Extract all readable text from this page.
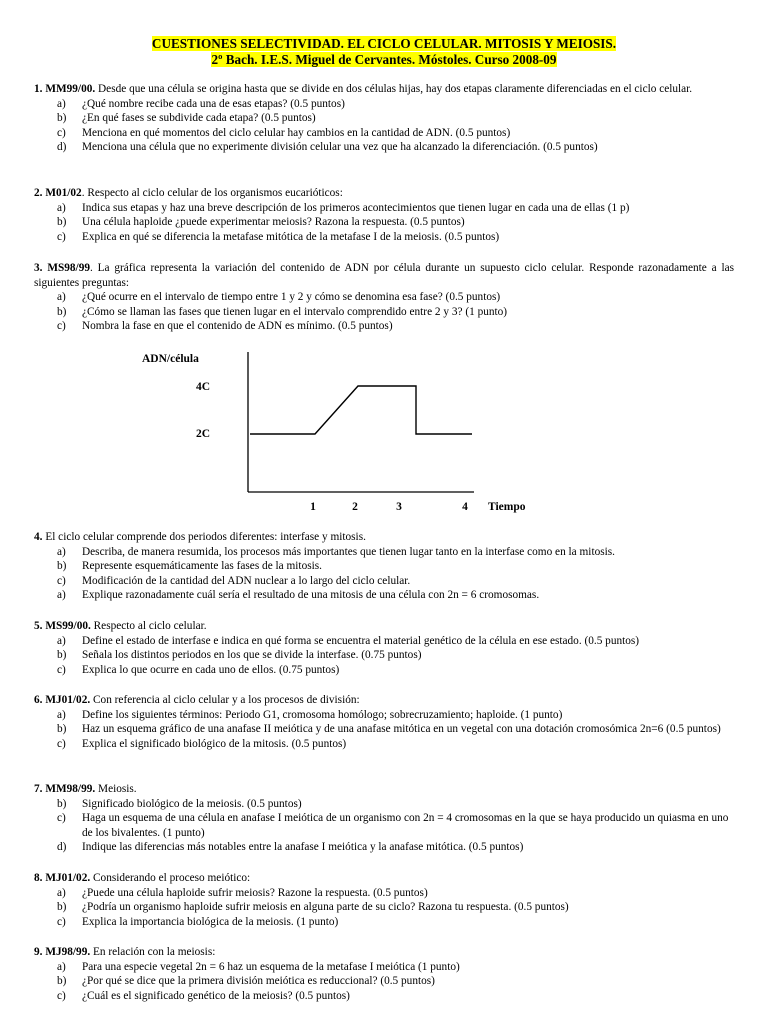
CUESTIONES SELECTIVIDAD. EL CICLO CELULAR. MITOSIS Y MEIOSIS.
2º Bach. I.E.S. Miguel de Cervantes. Móstoles. Curso 2008-09
1. MM99/00. Desde que una célula se origina hasta que se divide en dos células hijas, hay dos etapas claramente diferenciadas en el ciclo celular.
a) ¿Qué nombre recibe cada una de esas etapas? (0.5 puntos)
b) ¿En qué fases se subdivide cada etapa? (0.5 puntos)
c) Menciona en qué momentos del ciclo celular hay cambios en la cantidad de ADN. (0.5 puntos)
d) Menciona una célula que no experimente división celular una vez que ha alcanzado la diferenciación. (0.5 puntos)
2. M01/02. Respecto al ciclo celular de los organismos eucarióticos:
a) Indica sus etapas y haz una breve descripción de los primeros acontecimientos que tienen lugar en cada una de ellas (1 p)
b) Una célula haploide ¿puede experimentar meiosis? Razona la respuesta. (0.5 puntos)
c) Explica en qué se diferencia la metafase mitótica de la metafase I de la meiosis. (0.5 puntos)
3. MS98/99. La gráfica representa la variación del contenido de ADN por célula durante un supuesto ciclo celular. Responde razonadamente a las siguientes preguntas:
a) ¿Qué ocurre en el intervalo de tiempo entre 1 y 2 y cómo se denomina esa fase? (0.5 puntos)
b) ¿Cómo se llaman las fases que tienen lugar en el intervalo comprendido entre 2 y 3? (1 punto)
c) Nombra la fase en que el contenido de ADN es mínimo. (0.5 puntos)
ADN/célula
2C
4C
1	2	3	4 Tiempo
4. El ciclo celular comprende dos periodos diferentes: interfase y mitosis.
a) Describa, de manera resumida, los procesos más importantes que tienen lugar tanto en la interfase como en la mitosis.
b) Represente esquemáticamente las fases de la mitosis.
c) Modificación de la cantidad del ADN nuclear a lo largo del ciclo celular.
a) Explique razonadamente cuál sería el resultado de una mitosis de una célula con 2n = 6 cromosomas.
5. MS99/00. Respecto al ciclo celular.
a) Define el estado de interfase e indica en qué forma se encuentra el material genético de la célula en ese estado. (0.5 puntos)
b) Señala los distintos periodos en los que se divide la interfase. (0.75 puntos)
c) Explica lo que ocurre en cada uno de ellos. (0.75 puntos)
6. MJ01/02. Con referencia al ciclo celular y a los procesos de división:
a) Define los siguientes términos: Periodo G1, cromosoma homólogo; sobrecruzamiento; haploide. (1 punto)
b) Haz un esquema gráfico de una anafase II meiótica y de una anafase mitótica en un vegetal con una dotación cromosómica 2n=6 (0.5 puntos)
c) Explica el significado biológico de la mitosis. (0.5 puntos)
7. MM98/99. Meiosis.
b) Significado biológico de la meiosis. (0.5 puntos)
c) Haga un esquema de una célula en anafase I meiótica de un organismo con 2n = 4 cromosomas en la que se haya producido un quiasma en uno de los bivalentes. (1 punto)
d) Indique las diferencias más notables entre la anafase I meiótica y la anafase mitótica. (0.5 puntos)
8. MJ01/02. Considerando el proceso meiótico:
a) ¿Puede una célula haploide sufrir meiosis? Razone la respuesta. (0.5 puntos)
b) ¿Podría un organismo haploide sufrir meiosis en alguna parte de su ciclo? Razona tu respuesta. (0.5 puntos)
c) Explica la importancia biológica de la meiosis. (1 punto)
9. MJ98/99. En relación con la meiosis:
a) Para una especie vegetal 2n = 6 haz un esquema de la metafase I meiótica (1 punto)
b) ¿Por qué se dice que la primera división meiótica es reduccional? (0.5 puntos)
c) ¿Cuál es el significado genético de la meiosis? (0.5 puntos)
